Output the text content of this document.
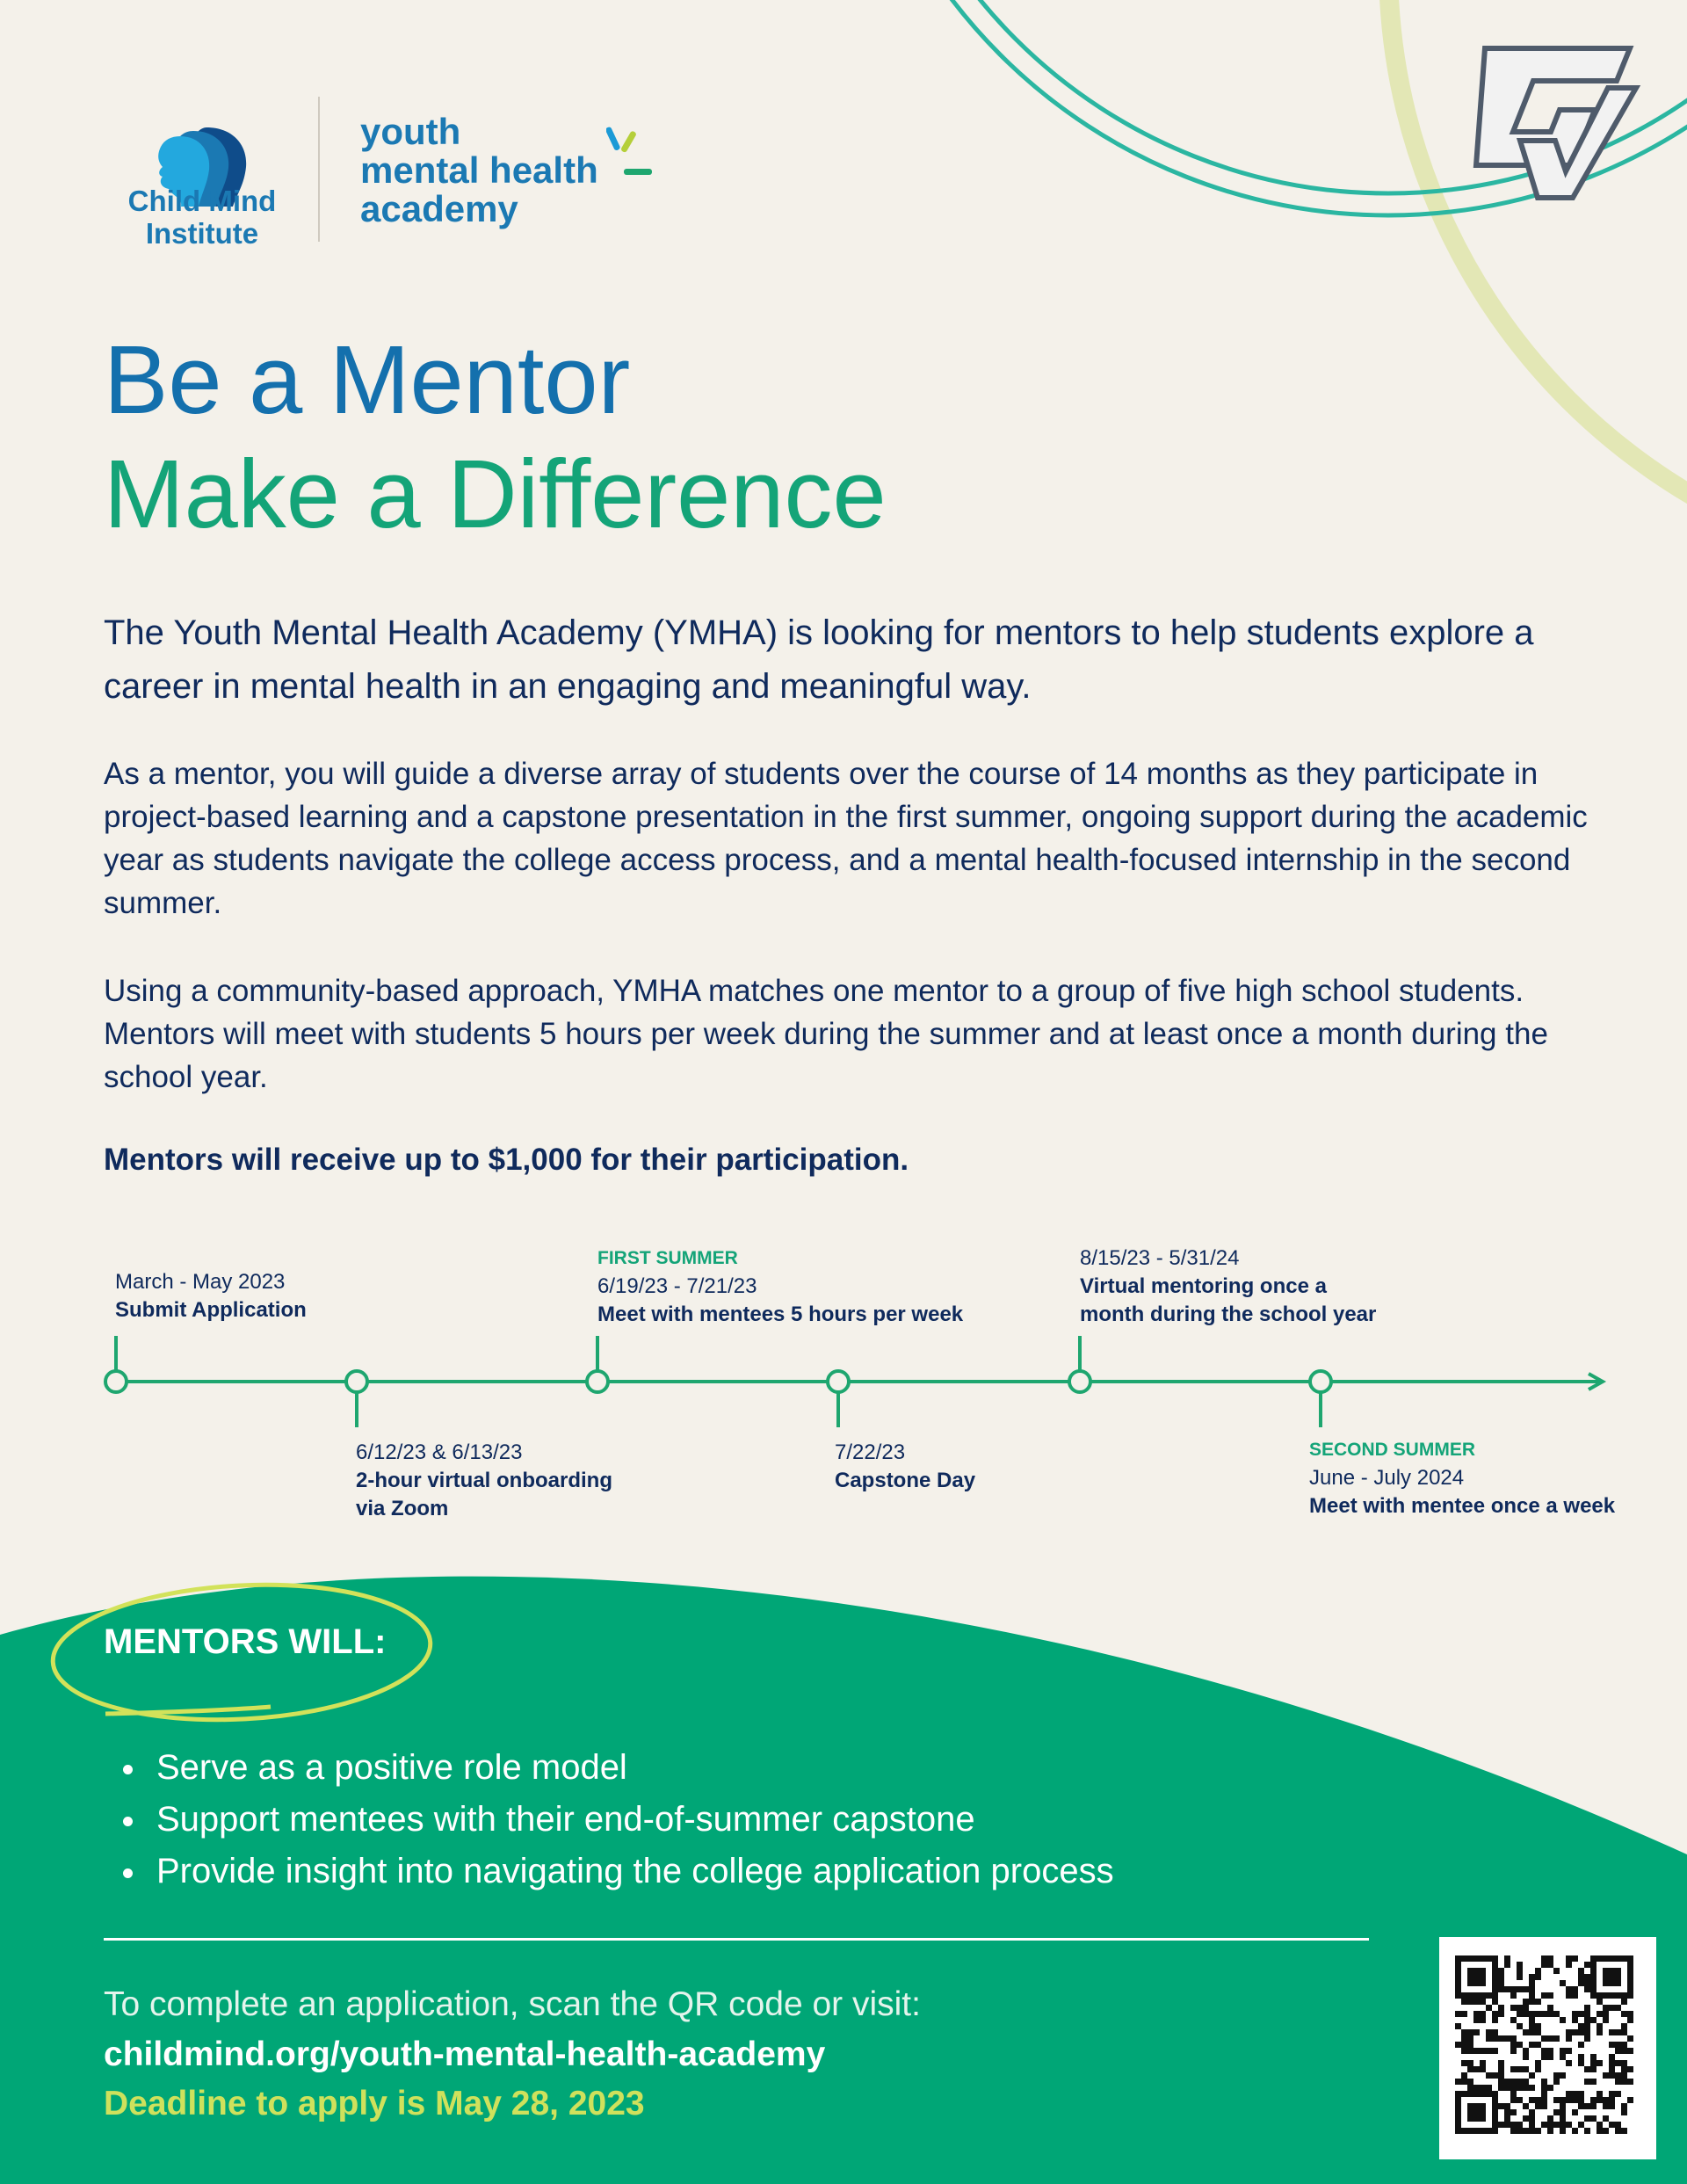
Child Mind
Institute
youth
mental health
academy
Be a Mentor
Make a Difference

The Youth Mental Health Academy (YMHA) is looking for mentors to help students explore a career in mental health in an engaging and meaningful way.

As a mentor, you will guide a diverse array of students over the course of 14 months as they participate in project-based learning and a capstone presentation in the first summer, ongoing support during the academic year as students navigate the college access process, and a mental health-focused internship in the second summer.

Using a community-based approach, YMHA matches one mentor to a group of five high school students. Mentors will meet with students 5 hours per week during the summer and at least once a month during the school year.

Mentors will receive up to $1,000 for their participation.

March - May 2023
Submit Application
6/12/23 & 6/13/23
2-hour virtual onboarding
via Zoom
FIRST SUMMER
6/19/23 - 7/21/23
Meet with mentees 5 hours per week
7/22/23
Capstone Day
8/15/23 - 5/31/24
Virtual mentoring once a
month during the school year
SECOND SUMMER
June - July 2024
Meet with mentee once a week
MENTORS WILL:
Serve as a positive role model
Support mentees with their end-of-summer capstone
Provide insight into navigating the college application process

To complete an application, scan the QR code or visit:

childmind.org/youth-mental-health-academy

Deadline to apply is May 28, 2023
